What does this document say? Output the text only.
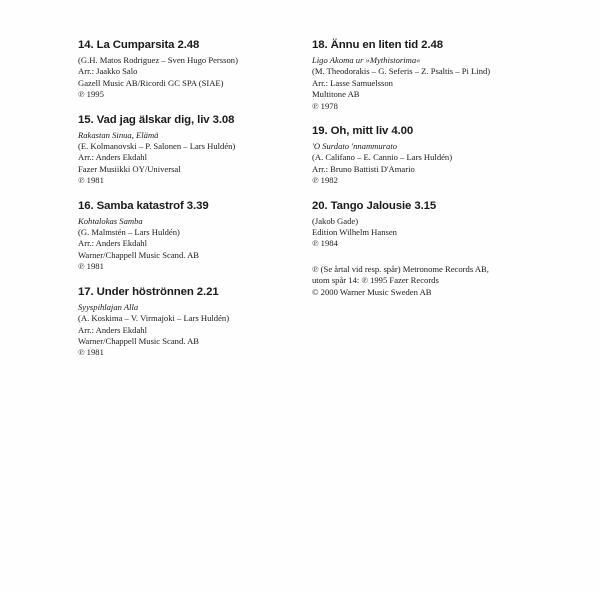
14. La Cumparsita 2.48
(G.H. Matos Rodriguez – Sven Hugo Persson)
Arr.: Jaakko Salo
Gazell Music AB/Ricordi GC SPA (SIAE)
℗ 1995
15. Vad jag älskar dig, liv 3.08
Rakastan Sinua, Elämä
(E. Kolmanovski – P. Salonen – Lars Huldén)
Arr.: Anders Ekdahl
Fazer Musiikki OY/Universal
℗ 1981
16. Samba katastrof 3.39
Kohtalokas Samba
(G. Malmstén – Lars Huldén)
Arr.: Anders Ekdahl
Warner/Chappell Music Scand. AB
℗ 1981
17. Under höströnnen 2.21
Syyspihlajan Alla
(A. Koskima – V. Virmajoki – Lars Huldén)
Arr.: Anders Ekdahl
Warner/Chappell Music Scand. AB
℗ 1981
18. Ännu en liten tid 2.48
Ligo Akoma ur »Mythistorima«
(M. Theodorakis – G. Seferis – Z. Psaltis – Pi Lind)
Arr.: Lasse Samuelsson
Multitone AB
℗ 1978
19. Oh, mitt liv 4.00
'O Surdato 'nnammurato
(A. Califano – E. Cannio – Lars Huldén)
Arr.: Bruno Battisti D'Amario
℗ 1982
20. Tango Jalousie 3.15
(Jakob Gade)
Edition Wilhelm Hansen
℗ 1984
℗ (Se årtal vid resp. spår) Metronome Records AB,
utom spår 14: ℗ 1995 Fazer Records
© 2000 Warner Music Sweden AB
